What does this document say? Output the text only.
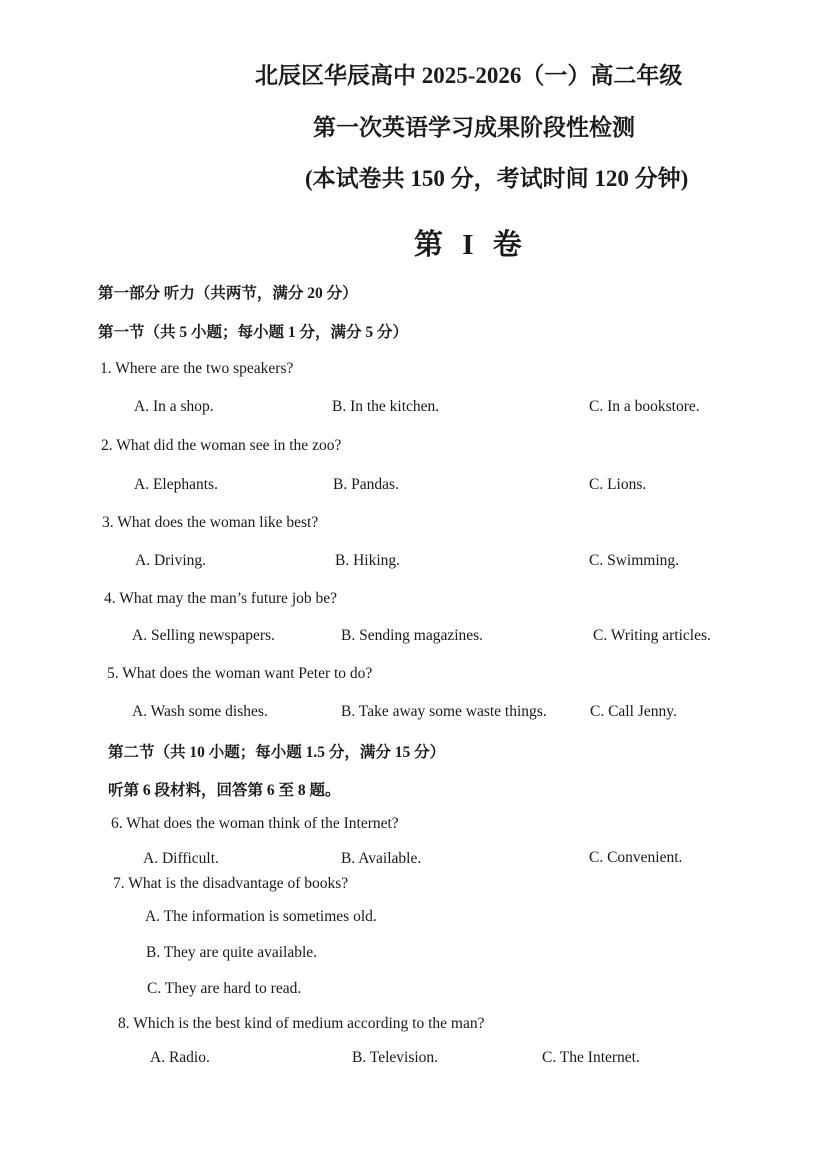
北辰区华辰高中 2025-2026（一）高二年级
第一次英语学习成果阶段性检测
(本试卷共 150 分，考试时间 120 分钟)
第 I 卷
第一部分 听力（共两节，满分 20 分）
第一节（共 5 小题；每小题 1 分，满分 5 分）
1. Where are the two speakers?
A. In a shop.	B. In the kitchen.	C. In a bookstore.
2. What did the woman see in the zoo?
A. Elephants.	B. Pandas.	C. Lions.
3. What does the woman like best?
A. Driving.	B. Hiking.	C. Swimming.
4. What may the man’s future job be?
A. Selling newspapers.	B. Sending magazines.	C. Writing articles.
5. What does the woman want Peter to do?
A. Wash some dishes.	B. Take away some waste things.	C. Call Jenny.
第二节（共 10 小题；每小题 1.5 分，满分 15 分）
听第 6 段材料，回答第 6 至 8 题。
6. What does the woman think of the Internet?
A. Difficult.	B. Available.	C. Convenient.
7. What is the disadvantage of books?
A. The information is sometimes old.
B. They are quite available.
C. They are hard to read.
8. Which is the best kind of medium according to the man?
A. Radio.	B. Television.	C. The Internet.
